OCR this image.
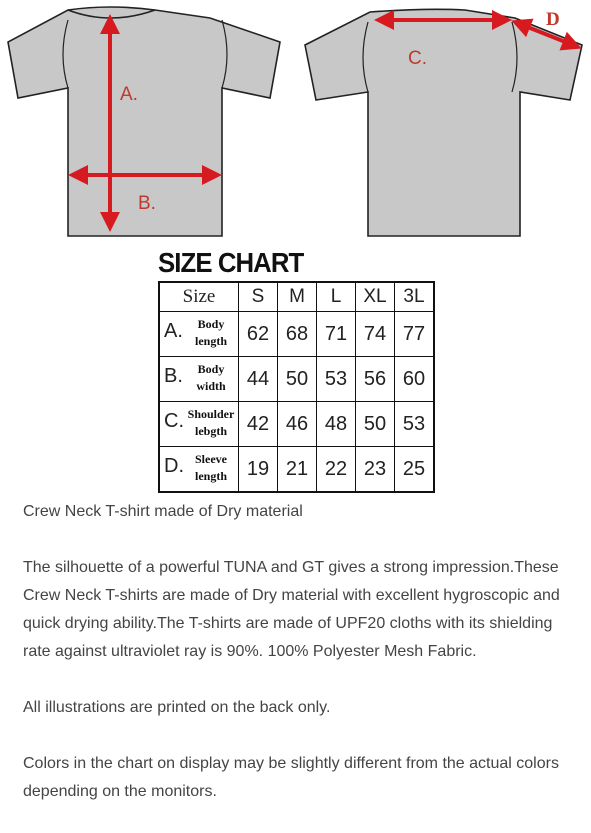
A.
B.
C.
D
SIZE CHART
Size	S	M	L	XL	3L

A. Body
length	62	68	71	74	77

B. Body
width	44	50	53	56	60

C. Shoulder
lebgth	42	46	48	50	53

D. Sleeve
length	19	21	22	23	25

Crew Neck T-shirt made of Dry material

The silhouette of a powerful TUNA and GT gives a strong impression.These Crew Neck T-shirts are made of Dry material with excellent hygroscopic and quick drying ability.The T-shirts are made of UPF20 cloths with its shielding rate against ultraviolet ray is 90%. 100% Polyester Mesh Fabric.

All illustrations are printed on the back only.

Colors in the chart on display may be slightly different from the actual colors depending on the monitors.
